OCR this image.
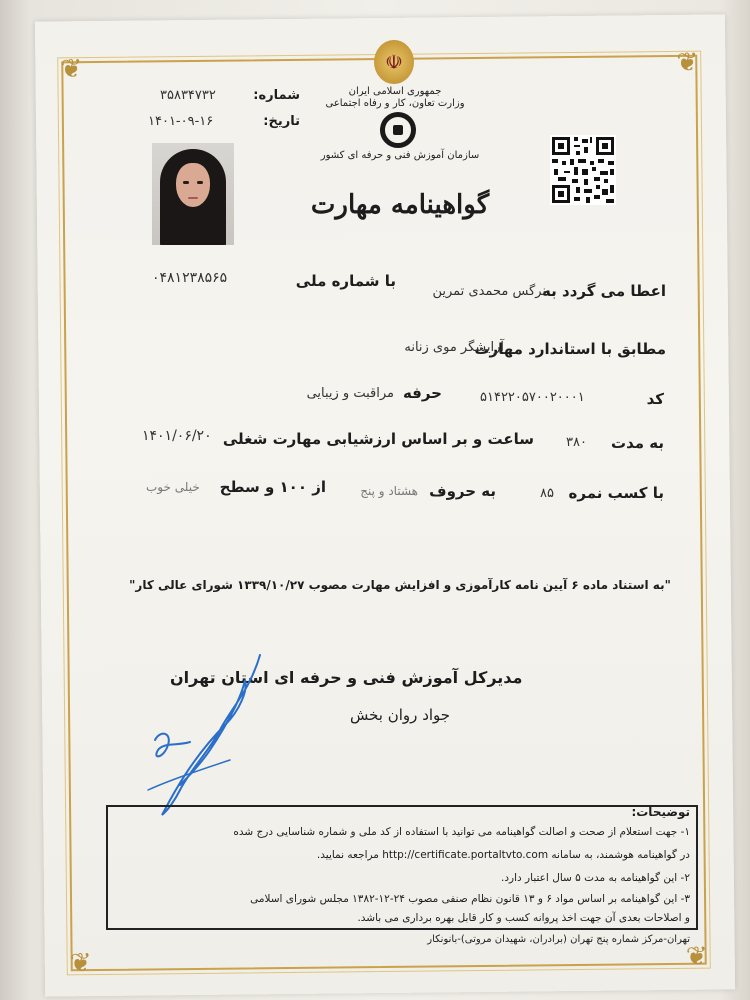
❦	❦
❦	❦
☫
جمهوری اسلامی ایران
وزارت تعاون، کار و رفاه اجتماعی
سازمان آموزش فنی و حرفه ای کشور
شماره:
۳۵۸۳۴۷۳۲
تاریخ:
۱۴۰۱-۰۹-۱۶
گواهینامه مهارت
اعطا می گردد به
نرگس محمدی تمرین
با شماره ملی
۰۴۸۱۲۳۸۵۶۵
مطابق با استاندارد مهارت
آرایشگر موی زنانه
کد
۵۱۴۲۲۰۵۷۰۰۲۰۰۰۱
حرفه
مراقبت و زیبایی
به مدت
۳۸۰
ساعت و بر اساس ارزشیابی مهارت شغلی
۱۴۰۱/۰۶/۲۰
با کسب نمره
۸۵
به حروف
هشتاد و پنج
از ۱۰۰ و سطح
خیلی خوب
"به استناد ماده ۶ آیین نامه کارآموزی و افزایش مهارت مصوب ۱۳۳۹/۱۰/۲۷ شورای عالی کار"
مدیرکل آموزش فنی و حرفه ای استان تهران
جواد روان بخش
توضیحات:
۱- جهت استعلام از صحت و اصالت گواهینامه می توانید با استفاده از کد ملی و شماره شناسایی درج شده
در گواهینامه هوشمند، به سامانه http://certificate.portaltvto.com مراجعه نمایید.
۲- این گواهینامه به مدت ۵ سال اعتبار دارد.
۳- این گواهینامه بر اساس مواد ۶ و ۱۳ قانون نظام صنفی مصوب ۲۴-۱۲-۱۳۸۲ مجلس شورای اسلامی
و اصلاحات بعدی آن جهت اخذ پروانه کسب و کار قابل بهره برداری می باشد.
تهران-مرکز شماره پنج تهران (برادران، شهیدان مروتی)-بانونکار
